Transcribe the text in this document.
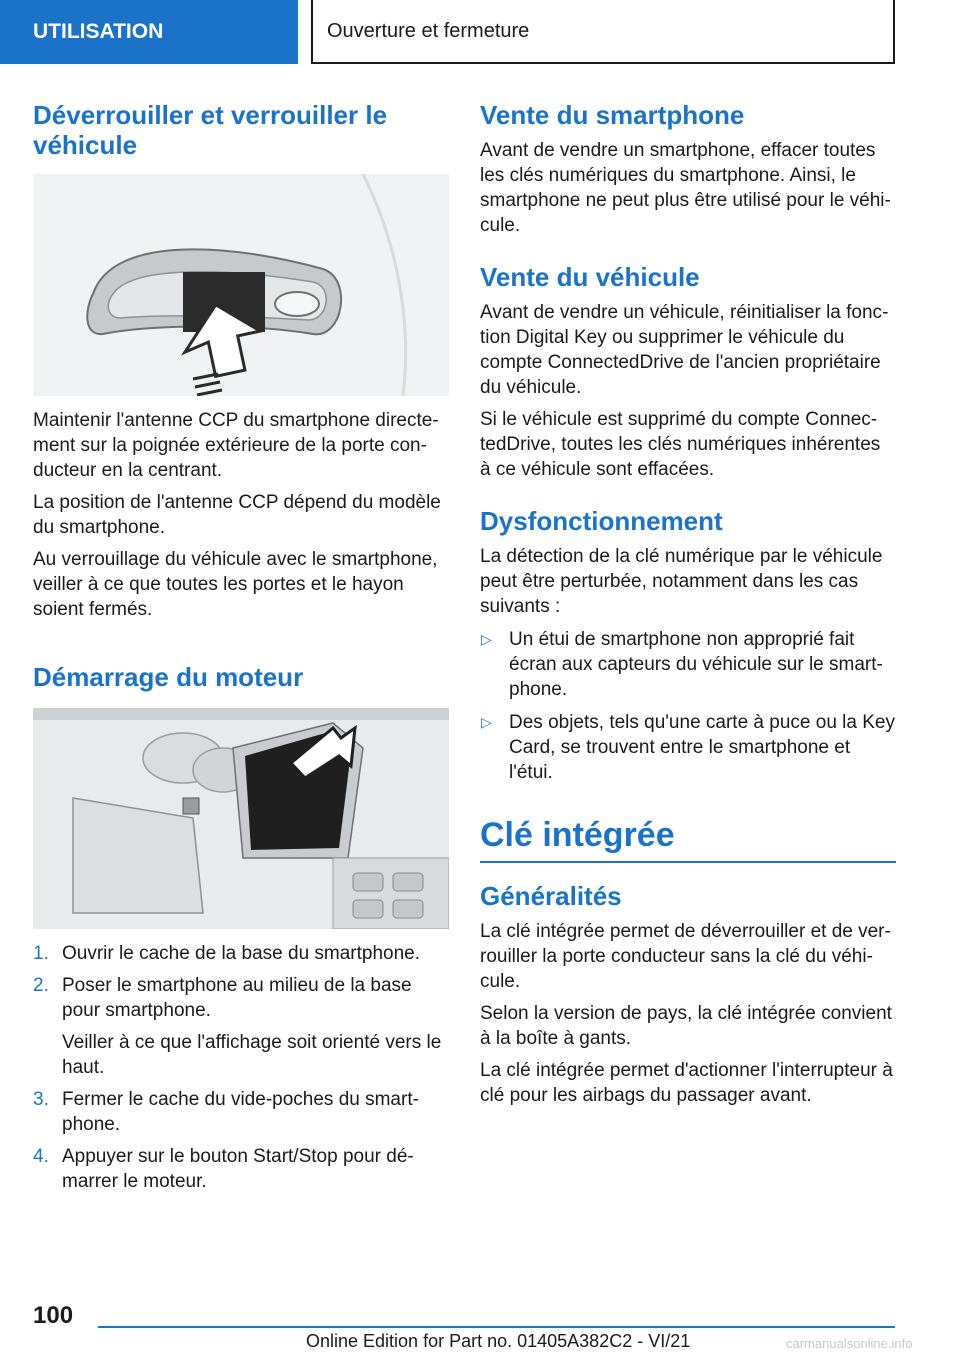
UTILISATION	Ouverture et fermeture
Déverrouiller et verrouiller le véhicule

Maintenir l'antenne CCP du smartphone directement sur la poignée extérieure de la porte conducteur en la centrant.

La position de l'antenne CCP dépend du modèle du smartphone.

Au verrouillage du véhicule avec le smartphone, veiller à ce que toutes les portes et le hayon soient fermés.

Démarrage du moteur
1. Ouvrir le cache de la base du smartphone.
2. Poser le smartphone au milieu de la base pour smartphone.
Veiller à ce que l'affichage soit orienté vers le haut.
3. Fermer le cache du vide-poches du smartphone.
4. Appuyer sur le bouton Start/Stop pour démarrer le moteur.
Vente du smartphone

Avant de vendre un smartphone, effacer toutes les clés numériques du smartphone. Ainsi, le smartphone ne peut plus être utilisé pour le véhicule.

Vente du véhicule

Avant de vendre un véhicule, réinitialiser la fonction Digital Key ou supprimer le véhicule du compte ConnectedDrive de l'ancien propriétaire du véhicule.

Si le véhicule est supprimé du compte ConnectedDrive, toutes les clés numériques inhérentes à ce véhicule sont effacées.

Dysfonctionnement

La détection de la clé numérique par le véhicule peut être perturbée, notamment dans les cas suivants :

▷ Un étui de smartphone non approprié fait écran aux capteurs du véhicule sur le smartphone.
▷ Des objets, tels qu'une carte à puce ou la Key Card, se trouvent entre le smartphone et l'étui.
Clé intégrée
Généralités

La clé intégrée permet de déverrouiller et de verrouiller la porte conducteur sans la clé du véhicule.

Selon la version de pays, la clé intégrée convient à la boîte à gants.

La clé intégrée permet d'actionner l'interrupteur à clé pour les airbags du passager avant.

100
Online Edition for Part no. 01405A382C2 - VI/21	carmanualsonline.info
